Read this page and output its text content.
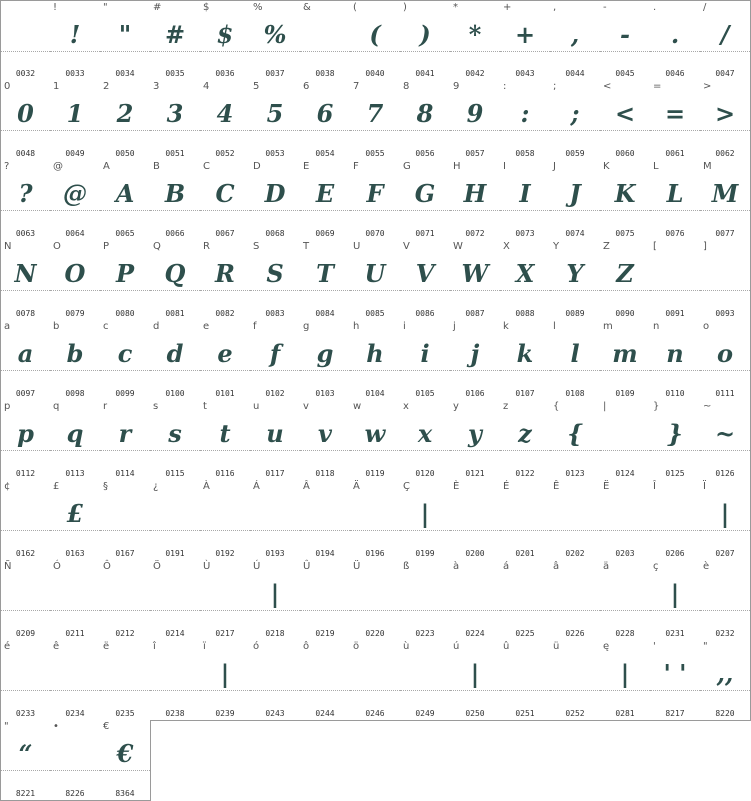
0032
!
!
0033
"
"
0034
#
#
0035
$
$
0036
%
%
0037
&
0038
(
(
0040
)
)
0041
*
*
0042
+
+
0043
,
,
0044
-
-
0045
.
.
0046
/
/
0047
0
0
0048
1
1
0049
2
2
0050
3
3
0051
4
4
0052
5
5
0053
6
6
0054
7
7
0055
8
8
0056
9
9
0057
:
:
0058
;
;
0059
<
<
0060
=
=
0061
>
>
0062
?
?
0063
@
@
0064
A
A
0065
B
B
0066
C
C
0067
D
D
0068
E
E
0069
F
F
0070
G
G
0071
H
H
0072
I
I
0073
J
J
0074
K
K
0075
L
L
0076
M
M
0077
N
N
0078
O
O
0079
P
P
0080
Q
Q
0081
R
R
0082
S
S
0083
T
T
0084
U
U
0085
V
V
0086
W
W
0087
X
X
0088
Y
Y
0089
Z
Z
0090
[
0091
]
0093
a
a
0097
b
b
0098
c
c
0099
d
d
0100
e
e
0101
f
f
0102
g
g
0103
h
h
0104
i
i
0105
j
j
0106
k
k
0107
l
l
0108
m
m
0109
n
n
0110
o
o
0111
p
p
0112
q
q
0113
r
r
0114
s
s
0115
t
t
0116
u
u
0117
v
v
0118
w
w
0119
x
x
0120
y
y
0121
z
z
0122
{
{
0123
|
0124
}
}
0125
~
~
0126
¢
0162
£
£
0163
§
0167
¿
0191
À
0192
Á
0193
Â
0194
Ä
0196
Ç
|
0199
È
0200
É
0201
Ê
0202
Ë
0203
Î
0206
Ï
|
0207
Ñ
0209
Ó
0211
Ô
0212
Ö
0214
Ù
0217
Ú
|
0218
Û
0219
Ü
0220
ß
0223
à
0224
á
0225
â
0226
ä
0228
ç
|
0231
è
0232
é
0233
ê
0234
ë
0235
î
0238
ï
|
0239
ó
0243
ô
0244
ö
0246
ù
0249
ú
|
0250
û
0251
ü
0252
ę
|
0281
'
' '
8217
"
,,
8220
"
“
8221
•
8226
€
€
8364
